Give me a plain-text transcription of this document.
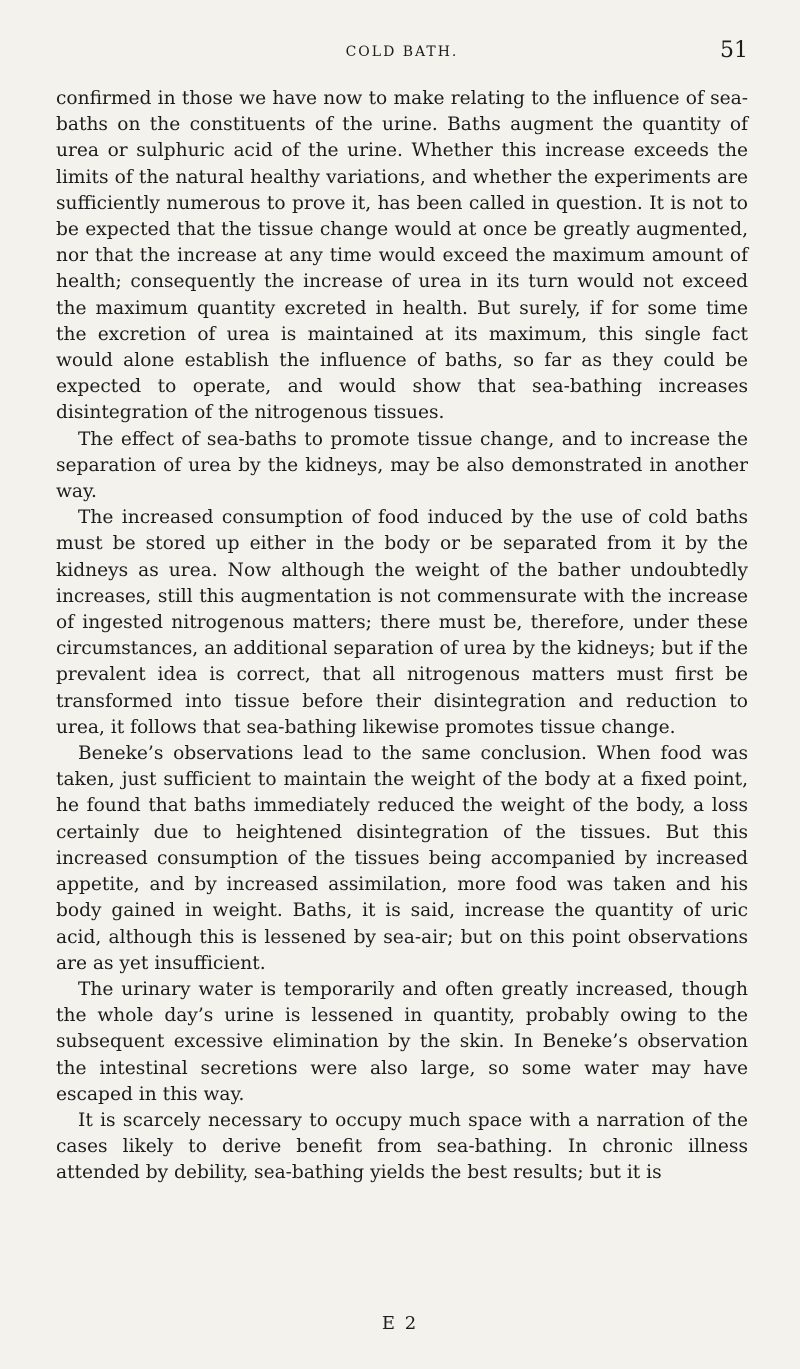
COLD BATH.	51

confirmed in those we have now to make relating to the influence of sea-baths on the constituents of the urine. Baths augment the quantity of urea or sulphuric acid of the urine. Whether this increase exceeds the limits of the natural healthy variations, and whether the experiments are sufficiently numerous to prove it, has been called in question. It is not to be expected that the tissue change would at once be greatly augmented, nor that the increase at any time would exceed the maximum amount of health; consequently the increase of urea in its turn would not exceed the maximum quantity excreted in health. But surely, if for some time the excretion of urea is maintained at its maximum, this single fact would alone establish the influence of baths, so far as they could be expected to operate, and would show that sea-bathing increases disintegration of the nitrogenous tissues.

The effect of sea-baths to promote tissue change, and to increase the separation of urea by the kidneys, may be also demonstrated in another way.

The increased consumption of food induced by the use of cold baths must be stored up either in the body or be separated from it by the kidneys as urea. Now although the weight of the bather undoubtedly increases, still this augmentation is not commensurate with the increase of ingested nitrogenous matters; there must be, therefore, under these circumstances, an additional separation of urea by the kidneys; but if the prevalent idea is correct, that all nitrogenous matters must first be transformed into tissue before their disintegration and reduction to urea, it follows that sea-bathing likewise promotes tissue change.

Beneke’s observations lead to the same conclusion. When food was taken, just sufficient to maintain the weight of the body at a fixed point, he found that baths immediately reduced the weight of the body, a loss certainly due to heightened disintegration of the tissues. But this increased consumption of the tissues being accompanied by increased appetite, and by increased assimilation, more food was taken and his body gained in weight. Baths, it is said, increase the quantity of uric acid, although this is lessened by sea-air; but on this point observations are as yet insufficient.

The urinary water is temporarily and often greatly increased, though the whole day’s urine is lessened in quantity, probably owing to the subsequent excessive elimination by the skin. In Beneke’s observation the intestinal secretions were also large, so some water may have escaped in this way.

It is scarcely necessary to occupy much space with a narration of the cases likely to derive benefit from sea-bathing. In chronic illness attended by debility, sea-bathing yields the best results; but it is

E 2
